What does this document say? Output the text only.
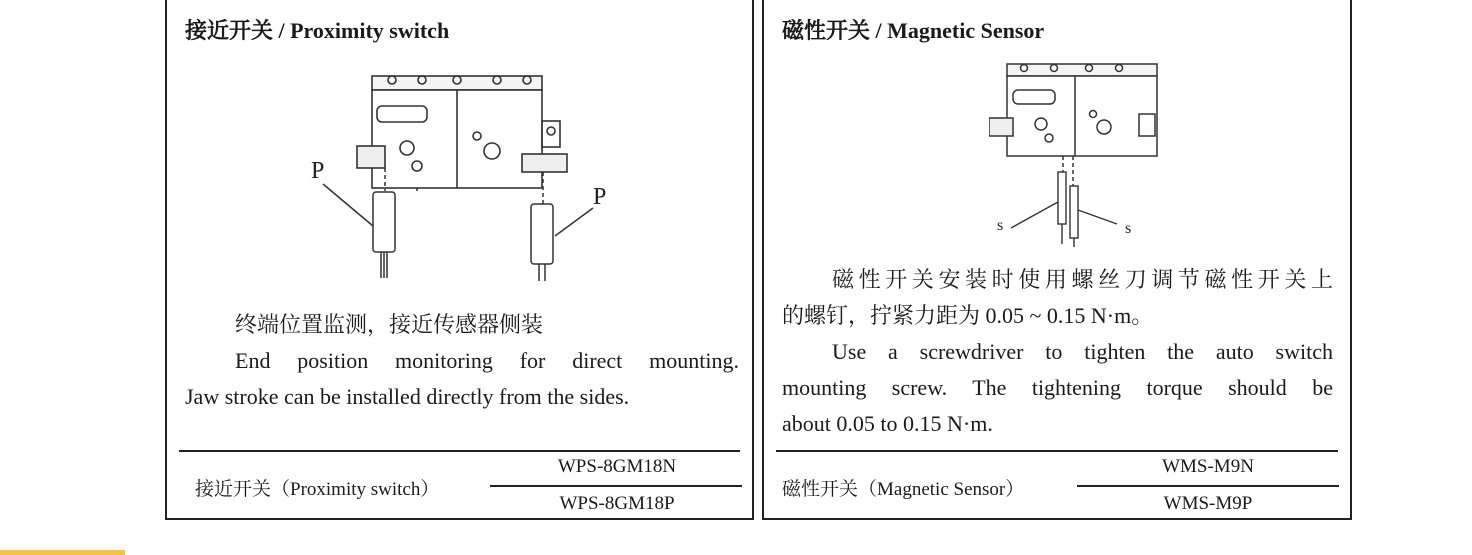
接近开关 / Proximity switch
P
P
终端位置监测，接近传感器侧装
End position monitoring for direct mounting.
Jaw stroke can be installed directly from the sides.
接近开关（Proximity switch）
WPS-8GM18N
WPS-8GM18P
磁性开关 / Magnetic Sensor
s	s
磁性开关安装时使用螺丝刀调节磁性开关上
的螺钉，拧紧力距为 0.05 ~ 0.15 N·m。
Use a screwdriver to tighten the auto switch
mounting screw. The tightening torque should be
about 0.05 to 0.15 N·m.
磁性开关（Magnetic Sensor）
WMS-M9N
WMS-M9P
